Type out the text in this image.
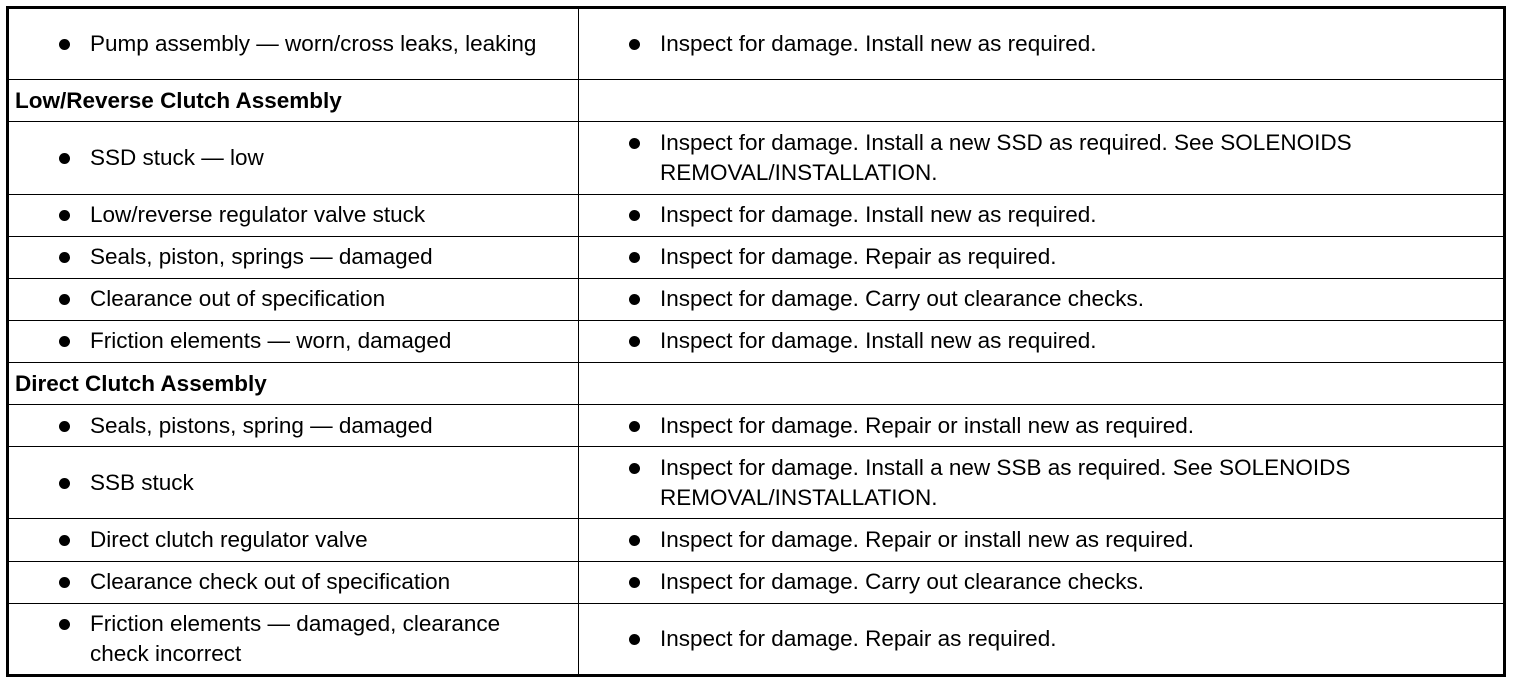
Pump assembly — worn/cross leaks, leaking	Inspect for damage. Install new as required.

Low/Reverse Clutch Assembly	

SSD stuck — low	Inspect for damage. Install a new SSD as required. See SOLENOIDS REMOVAL/INSTALLATION.

Low/reverse regulator valve stuck	Inspect for damage. Install new as required.

Seals, piston, springs — damaged	Inspect for damage. Repair as required.

Clearance out of specification	Inspect for damage. Carry out clearance checks.

Friction elements — worn, damaged	Inspect for damage. Install new as required.

Direct Clutch Assembly	

Seals, pistons, spring — damaged	Inspect for damage. Repair or install new as required.

SSB stuck	Inspect for damage. Install a new SSB as required. See SOLENOIDS REMOVAL/INSTALLATION.

Direct clutch regulator valve	Inspect for damage. Repair or install new as required.

Clearance check out of specification	Inspect for damage. Carry out clearance checks.

Friction elements — damaged, clearance check incorrect	Inspect for damage. Repair as required.
